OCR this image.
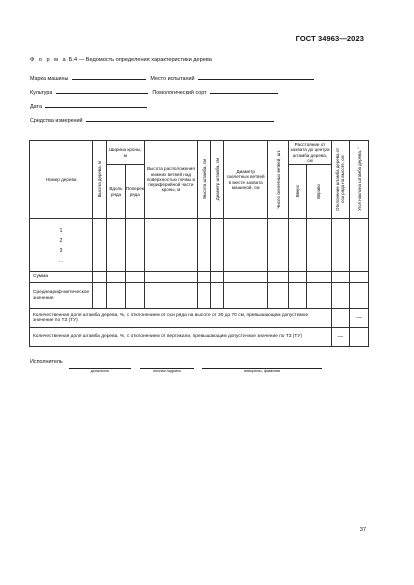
ГОСТ 34963—2023
Ф о р м а Б.4 — Ведомость определения характеристики дерева
Марка машины	Место испытаний
Культура	Помологический сорт
Дата
Средства измерений
Номер дерева	Высота дерева, м	Ширина кроны, м		Высота расположения нижних ветвей над поверхностью почвы в периферийной части кроны, м	Высота штамба, см	Диаметр штамба, см	Диаметр скелетных ветвей в месте захвата машиной, см	Число скелетных ветвей, шт.	Расстояние от захвата до центра штамба дерева, см		Отклонение штамба дерева от оси ряда на высоте, см	Угол наклона штамба дерева, °
		Вдоль ряда	Поперек ряда						Вверх	Вправо		

1
2
3
...												

Сумма												
Среднеариф-метическое значение												
Количественная доля штамба дерева, %, с отклонением от оси ряда на высоте от 30 до 70 см, превышающим допустимое значение по ТЗ (ТУ)												—
Количественная доля штамба дерева, %, с отклонением от вертикали, превышающим допусти-мое значение по ТЗ (ТУ)											—	
Исполнитель
должность	личная подпись	инициалы, фамилия
37
